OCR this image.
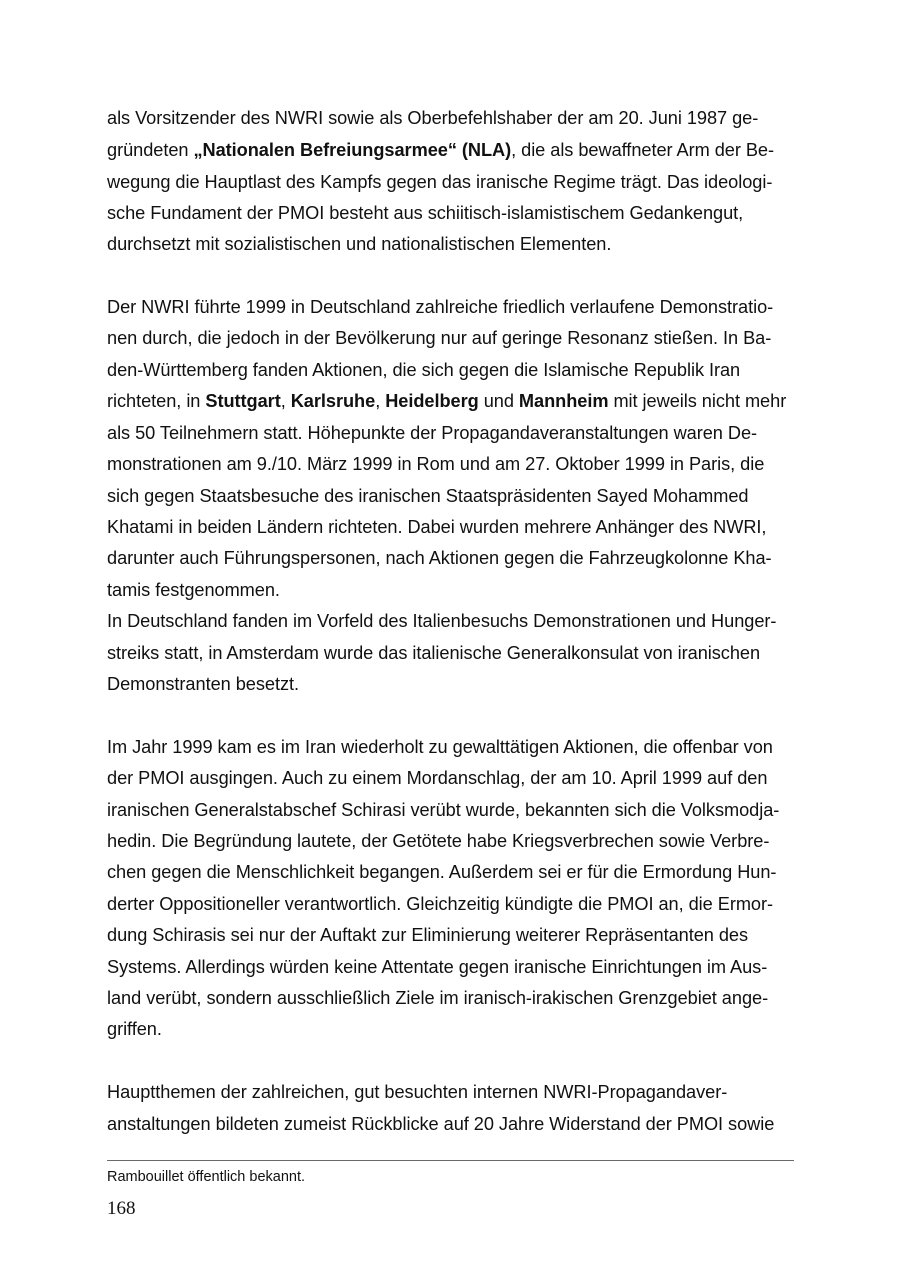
als Vorsitzender des NWRI sowie als Oberbefehlshaber der am 20. Juni 1987 ge-
gründeten „Nationalen Befreiungsarmee“ (NLA), die als bewaffneter Arm der Be-
wegung die Hauptlast des Kampfs gegen das iranische Regime trägt. Das ideologi-
sche Fundament der PMOI besteht aus schiitisch-islamistischem Gedankengut,
durchsetzt mit sozialistischen und nationalistischen Elementen.
Der NWRI führte 1999 in Deutschland zahlreiche friedlich verlaufene Demonstratio-
nen durch, die jedoch in der Bevölkerung nur auf geringe Resonanz stießen. In Ba-
den-Württemberg fanden Aktionen, die sich gegen die Islamische Republik Iran
richteten, in Stuttgart, Karlsruhe, Heidelberg und Mannheim mit jeweils nicht mehr
als 50 Teilnehmern statt. Höhepunkte der Propagandaveranstaltungen waren De-
monstrationen am 9./10. März 1999 in Rom und am 27. Oktober 1999 in Paris, die
sich gegen Staatsbesuche des iranischen Staatspräsidenten Sayed Mohammed
Khatami in beiden Ländern richteten. Dabei wurden mehrere Anhänger des NWRI,
darunter auch Führungspersonen, nach Aktionen gegen die Fahrzeugkolonne Kha-
tamis festgenommen.
In Deutschland fanden im Vorfeld des Italienbesuchs Demonstrationen und Hunger-
streiks statt, in Amsterdam wurde das italienische Generalkonsulat von iranischen
Demonstranten besetzt.
Im Jahr 1999 kam es im Iran wiederholt zu gewalttätigen Aktionen, die offenbar von
der PMOI ausgingen. Auch zu einem Mordanschlag, der am 10. April 1999 auf den
iranischen Generalstabschef Schirasi verübt wurde, bekannten sich die Volksmodja-
hedin. Die Begründung lautete, der Getötete habe Kriegsverbrechen sowie Verbre-
chen gegen die Menschlichkeit begangen. Außerdem sei er für die Ermordung Hun-
derter Oppositioneller verantwortlich. Gleichzeitig kündigte die PMOI an, die Ermor-
dung Schirasis sei nur der Auftakt zur Eliminierung weiterer Repräsentanten des
Systems. Allerdings würden keine Attentate gegen iranische Einrichtungen im Aus-
land verübt, sondern ausschließlich Ziele im iranisch-irakischen Grenzgebiet ange-
griffen.
Hauptthemen der zahlreichen, gut besuchten internen NWRI-Propagandaver-
anstaltungen bildeten zumeist Rückblicke auf 20 Jahre Widerstand der PMOI sowie
Rambouillet öffentlich bekannt.
168
